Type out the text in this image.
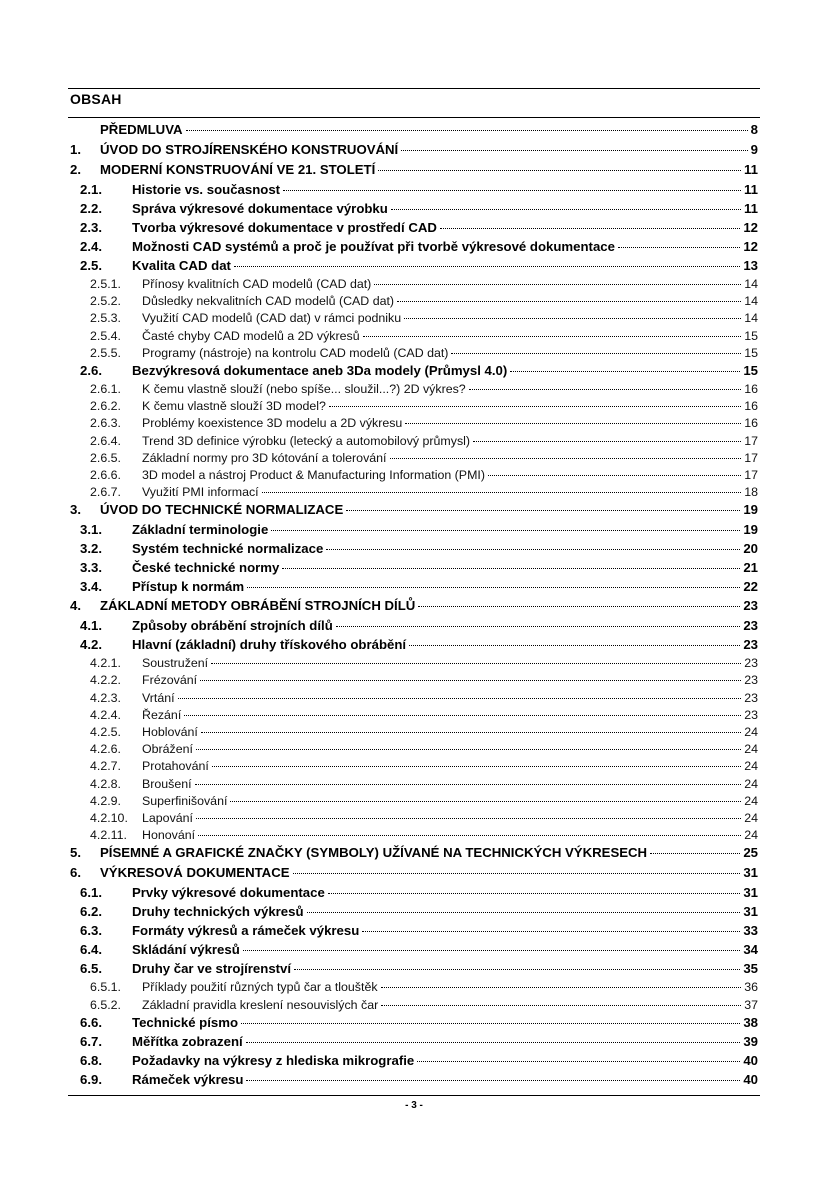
OBSAH
PŘEDMLUVA	8
1.	ÚVOD DO STROJÍRENSKÉHO KONSTRUOVÁNÍ	9
2.	MODERNÍ KONSTRUOVÁNÍ VE 21. STOLETÍ	11
2.1.	Historie vs. současnost	11
2.2.	Správa výkresové dokumentace výrobku	11
2.3.	Tvorba výkresové dokumentace v prostředí CAD	12
2.4.	Možnosti CAD systémů a proč je používat při tvorbě výkresové dokumentace	12
2.5.	Kvalita CAD dat	13
2.5.1.	Přínosy kvalitních CAD modelů (CAD dat)	14
2.5.2.	Důsledky nekvalitních CAD modelů (CAD dat)	14
2.5.3.	Využití CAD modelů (CAD dat) v rámci podniku	14
2.5.4.	Časté chyby CAD modelů a 2D výkresů	15
2.5.5.	Programy (nástroje) na kontrolu CAD modelů (CAD dat)	15
2.6.	Bezvýkresová dokumentace aneb 3Da modely (Průmysl 4.0)	15
2.6.1.	K čemu vlastně slouží (nebo spíše... sloužil...?) 2D výkres?	16
2.6.2.	K čemu vlastně slouží 3D model?	16
2.6.3.	Problémy koexistence 3D modelu a 2D výkresu	16
2.6.4.	Trend 3D definice výrobku (letecký a automobilový průmysl)	17
2.6.5.	Základní normy pro 3D kótování a tolerování	17
2.6.6.	3D model a nástroj Product & Manufacturing Information (PMI)	17
2.6.7.	Využití PMI informací	18
3.	ÚVOD DO TECHNICKÉ NORMALIZACE	19
3.1.	Základní terminologie	19
3.2.	Systém technické normalizace	20
3.3.	České technické normy	21
3.4.	Přístup k normám	22
4.	ZÁKLADNÍ METODY OBRÁBĚNÍ STROJNÍCH DÍLŮ	23
4.1.	Způsoby obrábění strojních dílů	23
4.2.	Hlavní (základní) druhy třískového obrábění	23
4.2.1.	Soustružení	23
4.2.2.	Frézování	23
4.2.3.	Vrtání	23
4.2.4.	Řezání	23
4.2.5.	Hoblování	24
4.2.6.	Obrážení	24
4.2.7.	Protahování	24
4.2.8.	Broušení	24
4.2.9.	Superfinišování	24
4.2.10.	Lapování	24
4.2.11.	Honování	24
5.	PÍSEMNÉ A GRAFICKÉ ZNAČKY (SYMBOLY) UŽÍVANÉ NA TECHNICKÝCH VÝKRESECH	25
6.	VÝKRESOVÁ DOKUMENTACE	31
6.1.	Prvky výkresové dokumentace	31
6.2.	Druhy technických výkresů	31
6.3.	Formáty výkresů a rámeček výkresu	33
6.4.	Skládání výkresů	34
6.5.	Druhy čar ve strojírenství	35
6.5.1.	Příklady použití různých typů čar a tlouštěk	36
6.5.2.	Základní pravidla kreslení nesouvislých čar	37
6.6.	Technické písmo	38
6.7.	Měřítka zobrazení	39
6.8.	Požadavky na výkresy z hlediska mikrografie	40
6.9.	Rámeček výkresu	40
- 3 -
